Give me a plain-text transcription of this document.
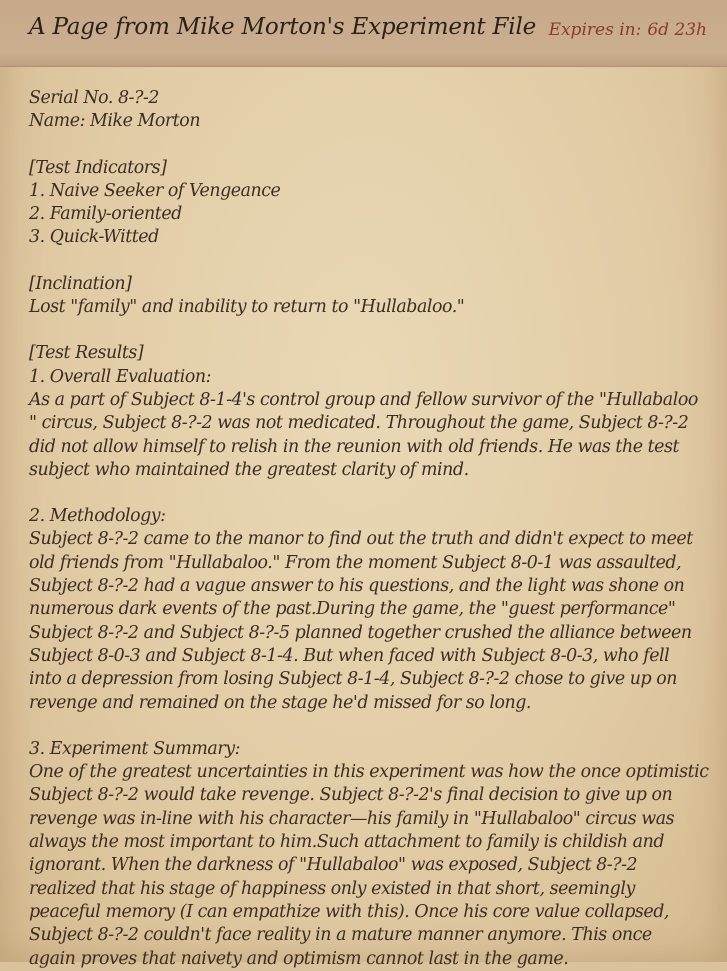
A Page from Mike Morton's Experiment File Expires in: 6d 23h

Serial No. 8-?-2

Name: Mike Morton

[Test Indicators]

1. Naive Seeker of Vengeance

2. Family-oriented

3. Quick-Witted

[Inclination]

Lost "family" and inability to return to "Hullabaloo."

[Test Results]

1. Overall Evaluation:

As a part of Subject 8-1-4's control group and fellow survivor of the "Hullabaloo

" circus, Subject 8-?-2 was not medicated. Throughout the game, Subject 8-?-2

did not allow himself to relish in the reunion with old friends. He was the test

subject who maintained the greatest clarity of mind.

2. Methodology:

Subject 8-?-2 came to the manor to find out the truth and didn't expect to meet

old friends from "Hullabaloo." From the moment Subject 8-0-1 was assaulted,

Subject 8-?-2 had a vague answer to his questions, and the light was shone on

numerous dark events of the past.During the game, the "guest performance"

Subject 8-?-2 and Subject 8-?-5 planned together crushed the alliance between

Subject 8-0-3 and Subject 8-1-4. But when faced with Subject 8-0-3, who fell

into a depression from losing Subject 8-1-4, Subject 8-?-2 chose to give up on

revenge and remained on the stage he'd missed for so long.

3. Experiment Summary:

One of the greatest uncertainties in this experiment was how the once optimistic

Subject 8-?-2 would take revenge. Subject 8-?-2's final decision to give up on

revenge was in-line with his character—his family in "Hullabaloo" circus was

always the most important to him.Such attachment to family is childish and

ignorant. When the darkness of "Hullabaloo" was exposed, Subject 8-?-2

realized that his stage of happiness only existed in that short, seemingly

peaceful memory (I can empathize with this). Once his core value collapsed,

Subject 8-?-2 couldn't face reality in a mature manner anymore. This once

again proves that naivety and optimism cannot last in the game.
